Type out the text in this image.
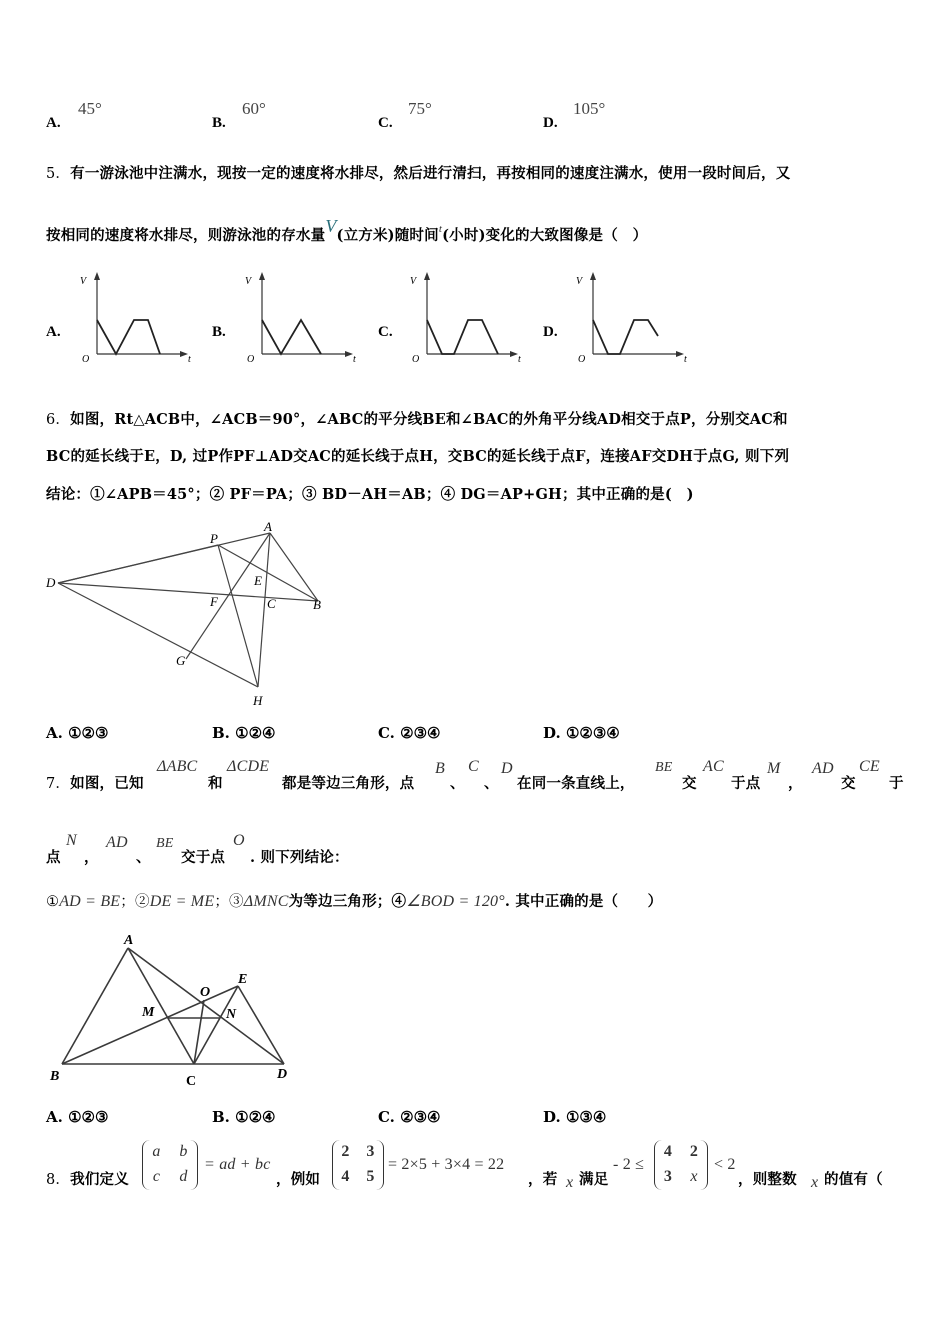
A.
45°
B.
60°
C.
75°
D.
105°
5．有一游泳池中注满水，现按一定的速度将水排尽，然后进行清扫，再按相同的速度注满水，使用一段时间后，又
按相同的速度将水排尽，则游泳池的存水量V(立方米)随时间$^t$(小时)变化的大致图像是（　）
A.	B.	C.	D.
V
O	t
V
O	t
V
O	t
V
O	t
6．如图，Rt△ACB中，∠ACB＝90°，∠ABC的平分线BE和∠BAC的外角平分线AD相交于点P，分别交AC和
BC的延长线于E，D, 过P作PF⊥AD交AC的延长线于点H，交BC的延长线于点F，连接AF交DH于点G, 则下列
结论：①∠APB＝45°；② PF＝PA；③ BD－AH＝AB；④ DG＝AP+GH；其中正确的是(　)
D
P
A
E
F	C	B
G
H
A. ①②③	B. ①②④	C. ②③④	D. ①②③④
7．如图，已知
ΔABC
和
ΔCDE
都是等边三角形，点
B
、
C
、
D
在同一条直线上，
BE
交
AC
于点
M
，
AD
交
CE
于
点
N
，
AD
、
BE
交于点
O
. 则下列结论：
①AD = BE；②DE = ME；③ΔMNC为等边三角形；④∠BOD = 120°. 其中正确的是（　　）
A
B	C	D
E
M	N
O
A. ①②③	B. ①②④	C. ②③④	D. ①③④
8．我们定义
a	b
c	d
= ad + bc
，例如
2	3
4	5
= 2×5 + 3×4 = 22
，若 x 满足
- 2 ≤
4	2
3	x
< 2
，则整数 x 的值有（
